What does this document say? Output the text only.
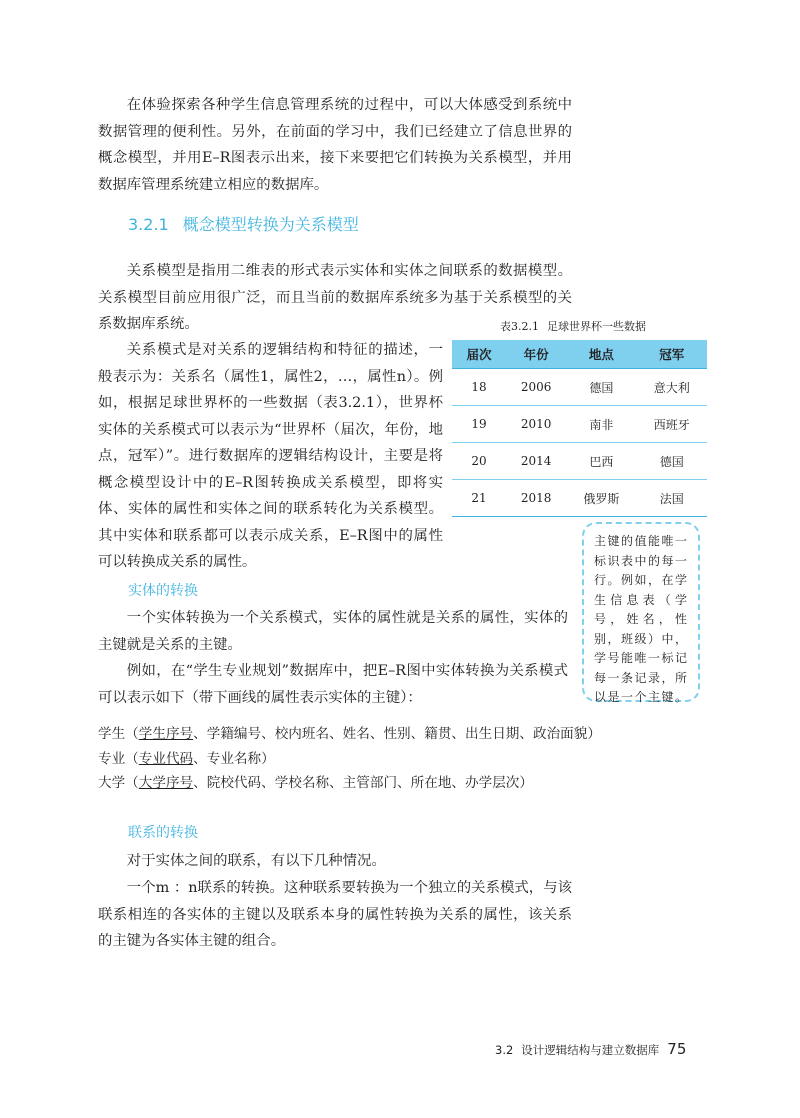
在体验探索各种学生信息管理系统的过程中，可以大体感受到系统中数据管理的便利性。另外，在前面的学习中，我们已经建立了信息世界的概念模型，并用E–R图表示出来，接下来要把它们转换为关系模型，并用数据库管理系统建立相应的数据库。

3.2.1 概念模型转换为关系模型

关系模型是指用二维表的形式表示实体和实体之间联系的数据模型。关系模型目前应用很广泛，而且当前的数据库系统多为基于关系模型的关系数据库系统。

关系模式是对关系的逻辑结构和特征的描述，一般表示为：关系名（属性1，属性2，…，属性n）。例如，根据足球世界杯的一些数据（表3.2.1），世界杯实体的关系模式可以表示为“世界杯（届次，年份，地点，冠军）”。进行数据库的逻辑结构设计，主要是将概念模型设计中的E–R图转换成关系模型，即将实体、实体的属性和实体之间的联系转化为关系模型。其中实体和联系都可以表示成关系，E–R图中的属性可以转换成关系的属性。

表3.2.1 足球世界杯一些数据

届次	年份	地点	冠军
18	2006	德国	意大利
19	2010	南非	西班牙
20	2014	巴西	德国
21	2018	俄罗斯	法国
主键的值能唯一标识表中的每一行。例如，在学生信息表（学号，姓名，性别，班级）中，学号能唯一标记每一条记录，所以是一个主键。
实体的转换

一个实体转换为一个关系模式，实体的属性就是关系的属性，实体的主键就是关系的主键。

例如，在“学生专业规划”数据库中，把E–R图中实体转换为关系模式可以表示如下（带下画线的属性表示实体的主键）：

学生（学生序号、学籍编号、校内班名、姓名、性别、籍贯、出生日期、政治面貌）
专业（专业代码、专业名称）
大学（大学序号、院校代码、学校名称、主管部门、所在地、办学层次）
联系的转换

对于实体之间的联系，有以下几种情况。

一个m ：n联系的转换。这种联系要转换为一个独立的关系模式，与该联系相连的各实体的主键以及联系本身的属性转换为关系的属性，该关系的主键为各实体主键的组合。

3.2 设计逻辑结构与建立数据库 75
